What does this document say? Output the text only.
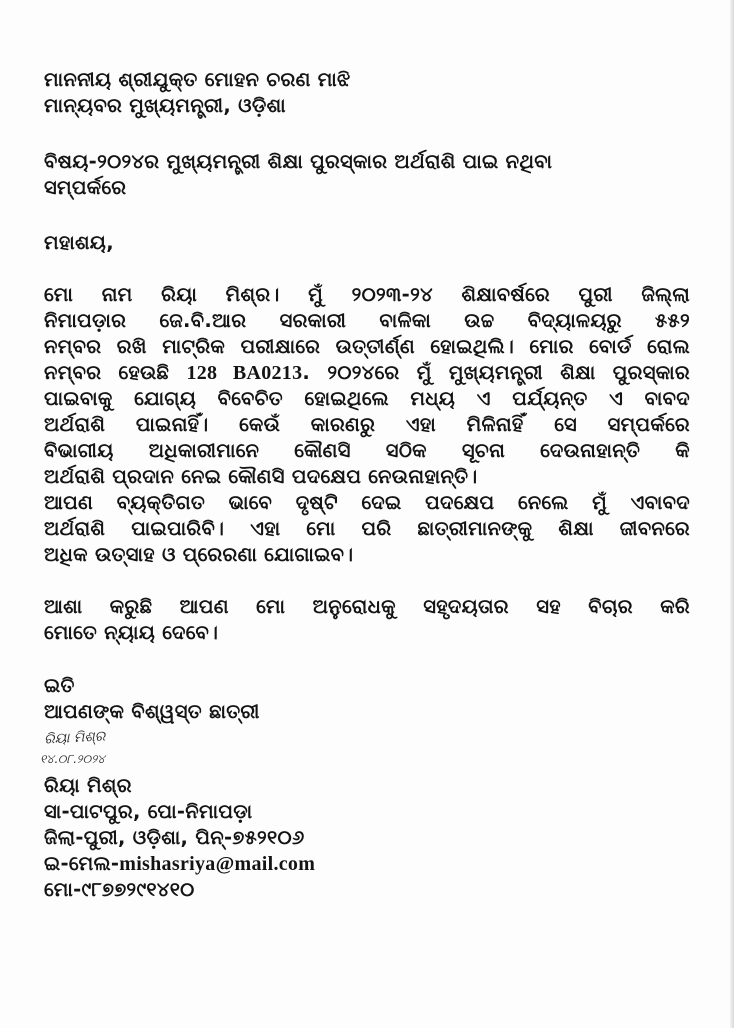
ମାନନୀୟ ଶ୍ରୀଯୁକ୍ତ ମୋହନ ଚରଣ ମାଝି
ମାନ୍ୟବର ମୁଖ୍ୟମନ୍ତ୍ରୀ, ଓଡ଼ିଶା
ବିଷୟ-୨୦୨୪ର ମୁଖ୍ୟମନ୍ତ୍ରୀ ଶିକ୍ଷା ପୁରସ୍କାର ଅର୍ଥରାଶି ପାଇ ନଥିବା
ସମ୍ପର୍କରେ
ମହାଶୟ,
ମୋ ନାମ ରିୟା ମିଶ୍ର। ମୁଁ ୨୦୨୩-୨୪ ଶିକ୍ଷାବର୍ଷରେ ପୁରୀ ଜିଲ୍ଲା
ନିମାପଡ଼ାର ଜେ.ବି.ଆର ସରକାରୀ ବାଳିକା ଉଚ୍ଚ ବିଦ୍ୟାଳୟରୁ ୫୫୨
ନମ୍ବର ରଖି ମାଟ୍ରିକ ପରୀକ୍ଷାରେ ଉତ୍ତୀର୍ଣ୍ଣ ହୋଇଥିଲି। ମୋର ବୋର୍ଡ ରୋଲ
ନମ୍ବର ହେଉଛି 128 BA0213. ୨୦୨୪ରେ ମୁଁ ମୁଖ୍ୟମନ୍ତ୍ରୀ ଶିକ୍ଷା ପୁରସ୍କାର
ପାଇବାକୁ ଯୋଗ୍ୟ ବିବେଚିତ ହୋଇଥିଲେ ମଧ୍ୟ ଏ ପର୍ଯ୍ୟନ୍ତ ଏ ବାବଦ
ଅର୍ଥରାଶି ପାଇନାହିଁ। କେଉଁ କାରଣରୁ ଏହା ମିଳିନାହିଁ ସେ ସମ୍ପର୍କରେ
ବିଭାଗୀୟ ଅଧିକାରୀମାନେ କୌଣସି ସଠିକ ସୂଚନା ଦେଉନାହାନ୍ତି କି
ଅର୍ଥରାଶି ପ୍ରଦାନ ନେଇ କୌଣସି ପଦକ୍ଷେପ ନେଉନାହାନ୍ତି।
ଆପଣ ବ୍ୟକ୍ତିଗତ ଭାବେ ଦୃଷ୍ଟି ଦେଇ ପଦକ୍ଷେପ ନେଲେ ମୁଁ ଏବାବଦ
ଅର୍ଥରାଶି ପାଇପାରିବି। ଏହା ମୋ ପରି ଛାତ୍ରୀମାନଙ୍କୁ ଶିକ୍ଷା ଜୀବନରେ
ଅଧିକ ଉତ୍ସାହ ଓ ପ୍ରେରଣା ଯୋଗାଇବ।
ଆଶା କରୁଛି ଆପଣ ମୋ ଅନୁରୋଧକୁ ସହୃଦୟତାର ସହ ବିଚାର କରି
ମୋତେ ନ୍ୟାୟ ଦେବେ।
ଇତି
ଆପଣଙ୍କ ବିଶ୍ୱସ୍ତ ଛାତ୍ରୀ
ରିୟା ମିଶ୍ର
୧୪.୦୮.୨୦୨୪
ରିୟା ମିଶ୍ର
ସା-ପାଟପୁର, ପୋ-ନିମାପଡ଼ା
ଜିଲା-ପୁରୀ, ଓଡ଼ିଶା, ପିନ୍-୭୫୨୧୦୬
ଇ-ମେଲ-mishasriya@mail.com
ମୋ-୯୮୭୭୨୯୧୪୧୦
